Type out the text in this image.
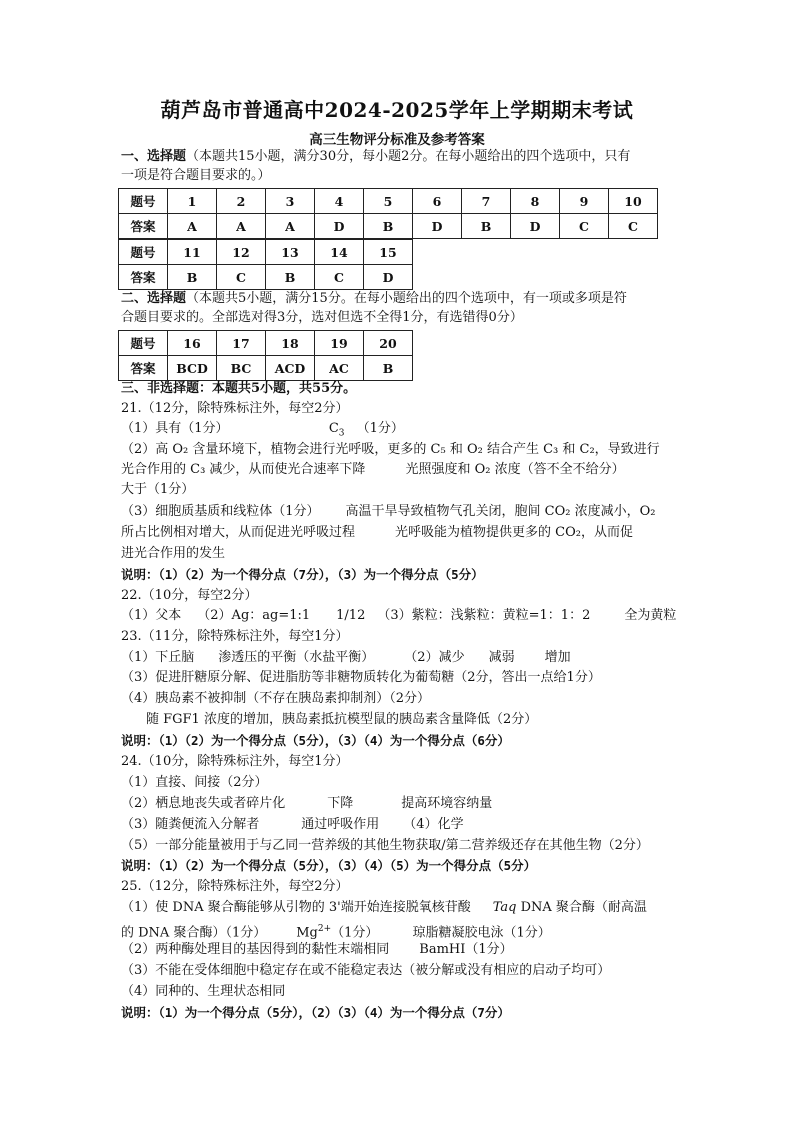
葫芦岛市普通高中2024-2025学年上学期期末考试
高三生物评分标准及参考答案
一、选择题（本题共15小题，满分30分，每小题2分。在每小题给出的四个选项中，只有
一项是符合题目要求的。）
题号	1	2	3	4	5	6	7	8	9	10
答案	A	A	A	D	B	D	B	D	C	C
题号	11	12	13	14	15
答案	B	C	B	C	D
二、选择题（本题共5小题，满分15分。在每小题给出的四个选项中，有一项或多项是符
合题目要求的。全部选对得3分，选对但选不全得1分，有选错得0分）
题号	16	17	18	19	20
答案	BCD	BC	ACD	AC	B
三、非选择题：本题共5小题，共55分。
21.（12分，除特殊标注外，每空2分）
（1）具有（1分）	$C_3$ （1分）
（2）高 O₂ 含量环境下，植物会进行光呼吸，更多的 C₅ 和 O₂ 结合产生 C₃ 和 C₂，导致进行
光合作用的 C₃ 减少，从而使光合速率下降	光照强度和 O₂ 浓度（答不全不给分）
大于（1分）
（3）细胞质基质和线粒体（1分） 高温干旱导致植物气孔关闭，胞间 CO₂ 浓度减小，O₂
所占比例相对增大，从而促进光呼吸过程	光呼吸能为植物提供更多的 CO₂，从而促
进光合作用的发生
说明：（1）（2）为一个得分点（7分），（3）为一个得分点（5分）
22.（10分，每空2分）
（1）父本 （2）Ag：ag=1:1 1/12 （3）紫粒：浅紫粒：黄粒=1：1：2	全为黄粒
23.（11分，除特殊标注外，每空1分）
（1）下丘脑 渗透压的平衡（水盐平衡） （2）减少 减弱 增加
（3）促进肝糖原分解、促进脂肪等非糖物质转化为葡萄糖（2分，答出一点给1分）
（4）胰岛素不被抑制（不存在胰岛素抑制剂）（2分）
随 FGF1 浓度的增加，胰岛素抵抗模型鼠的胰岛素含量降低（2分）
说明：（1）（2）为一个得分点（5分），（3）（4）为一个得分点（6分）
24.（10分，除特殊标注外，每空1分）
（1）直接、间接（2分）
（2）栖息地丧失或者碎片化	下降	提高环境容纳量
（3）随粪便流入分解者	通过呼吸作用 （4）化学
（5）一部分能量被用于与乙同一营养级的其他生物获取/第二营养级还存在其他生物（2分）
说明：（1）（2）为一个得分点（5分），（3）（4）（5）为一个得分点（5分）
25.（12分，除特殊标注外，每空2分）
（1）使 DNA 聚合酶能够从引物的 3'端开始连接脱氧核苷酸 Taq DNA 聚合酶（耐高温
的 DNA 聚合酶）（1分） $Mg^{2+}(1$分）	琼脂糖凝胶电泳（1分）
（2）两种酶处理目的基因得到的黏性末端相同 BamHI（1分）
（3）不能在受体细胞中稳定存在或不能稳定表达（被分解或没有相应的启动子均可）
（4）同种的、生理状态相同
说明：（1）为一个得分点（5分），（2）（3）（4）为一个得分点（7分）
